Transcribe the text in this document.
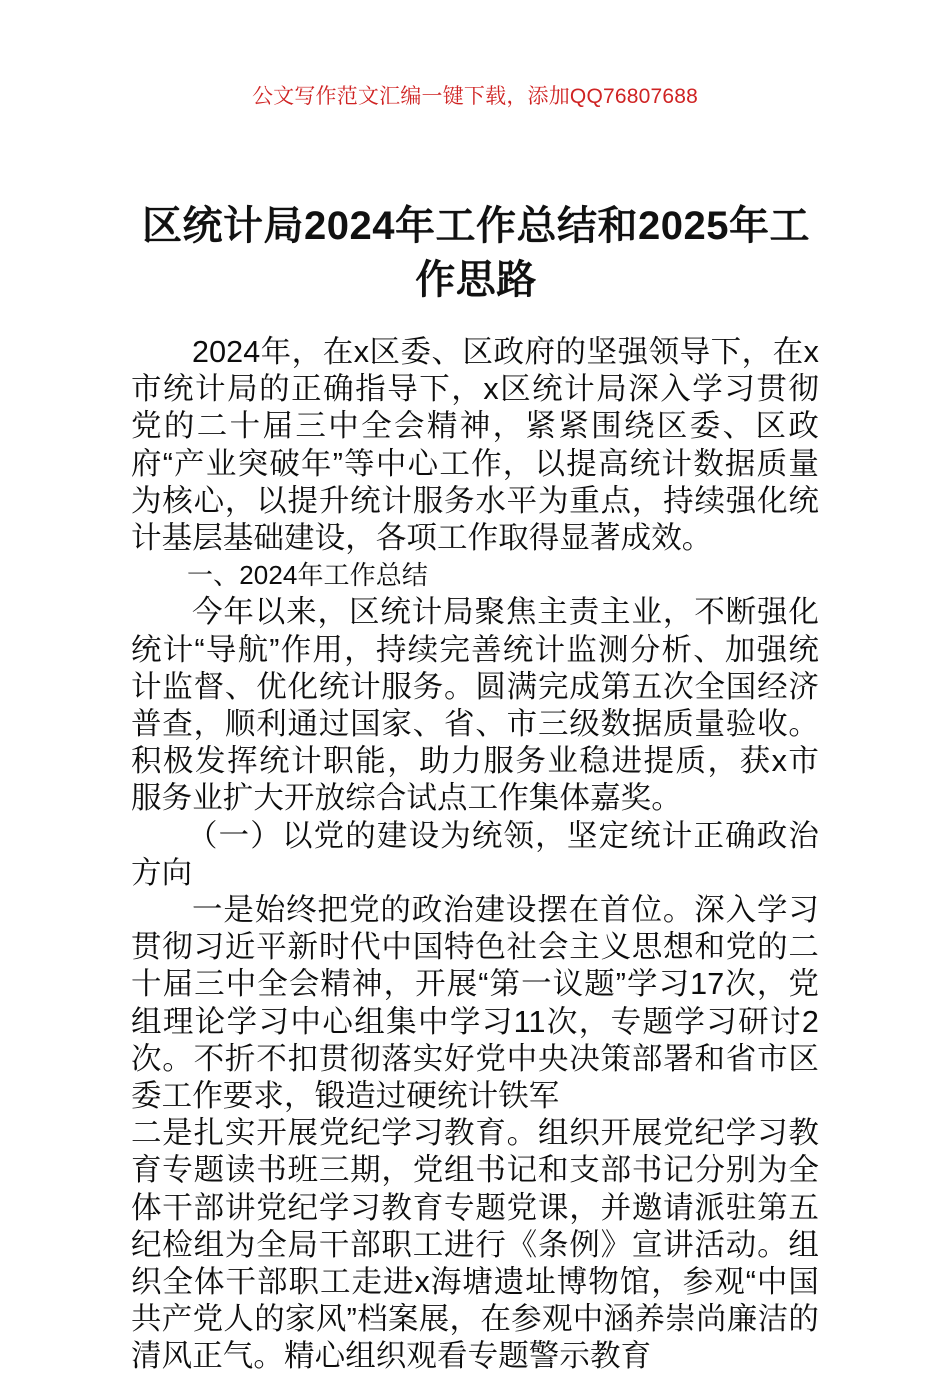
公文写作范文汇编一键下载，添加QQ76807688
区统计局2024年工作总结和2025年工作思路

2024年，在x区委、区政府的坚强领导下，在x市统计局的正确指导下，x区统计局深入学习贯彻党的二十届三中全会精神，紧紧围绕区委、区政府“产业突破年”等中心工作，以提高统计数据质量为核心，以提升统计服务水平为重点，持续强化统计基层基础建设，各项工作取得显著成效。

一、2024年工作总结

今年以来，区统计局聚焦主责主业，不断强化统计“导航”作用，持续完善统计监测分析、加强统计监督、优化统计服务。圆满完成第五次全国经济普查，顺利通过国家、省、市三级数据质量验收。积极发挥统计职能，助力服务业稳进提质，获x市服务业扩大开放综合试点工作集体嘉奖。

（一）以党的建设为统领，坚定统计正确政治方向

一是始终把党的政治建设摆在首位。深入学习贯彻习近平新时代中国特色社会主义思想和党的二十届三中全会精神，开展“第一议题”学习17次，党组理论学习中心组集中学习11次，专题学习研讨2次。不折不扣贯彻落实好党中央决策部署和省市区委工作要求，锻造过硬统计铁军

二是扎实开展党纪学习教育。组织开展党纪学习教育专题读书班三期，党组书记和支部书记分别为全体干部讲党纪学习教育专题党课，并邀请派驻第五纪检组为全局干部职工进行《条例》宣讲活动。组织全体干部职工走进x海塘遗址博物馆，参观“中国共产党人的家风”档案展，在参观中涵养崇尚廉洁的清风正气。精心组织观看专题警示教育
